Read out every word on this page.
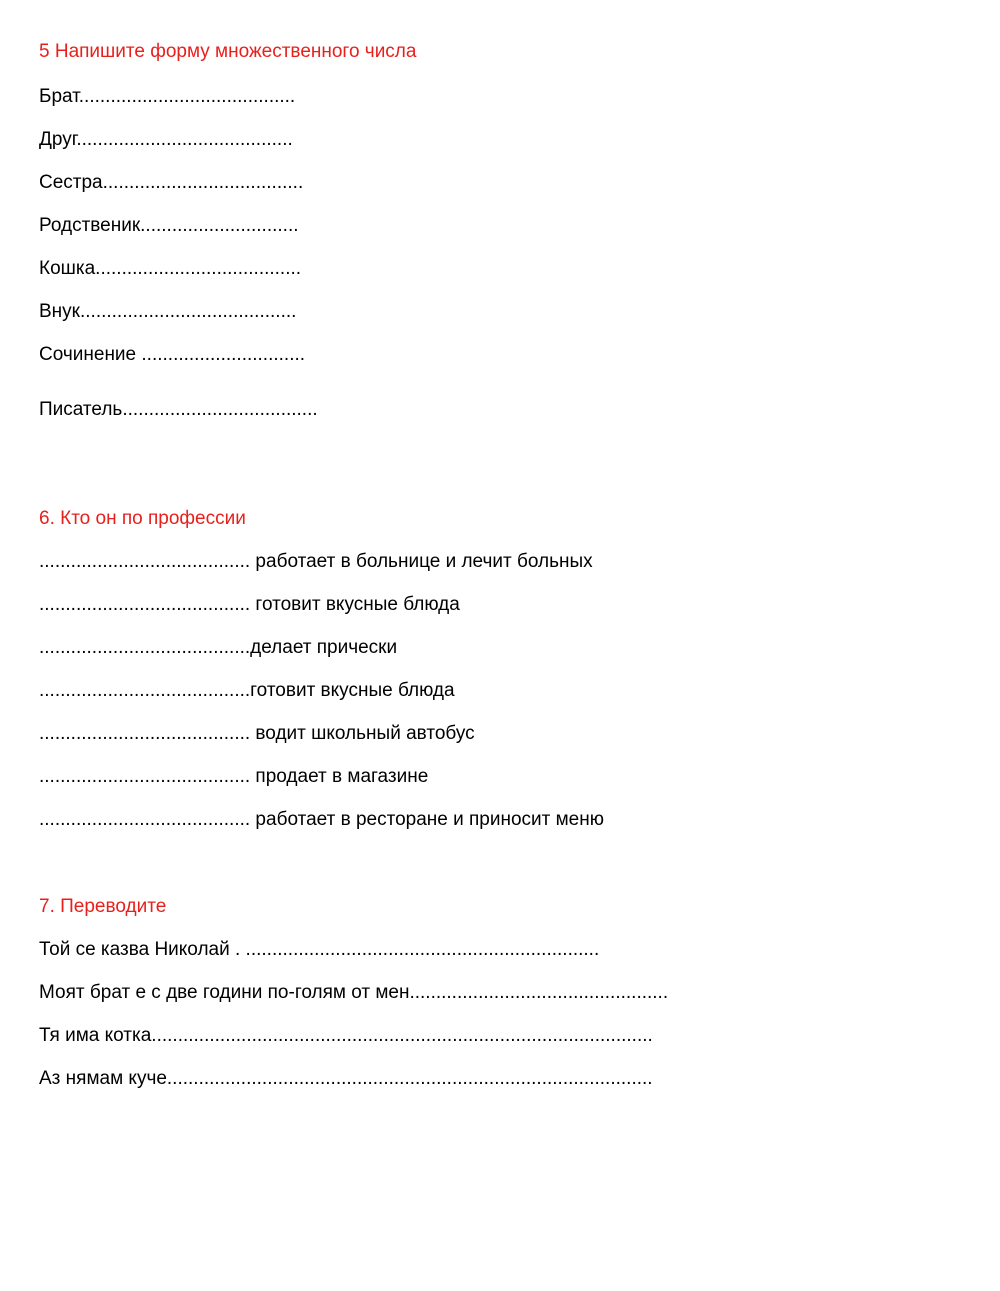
5 Напишите форму множественного числа
Брат.........................................
Друг.........................................
Сестра......................................
Родственик..............................
Кошка.......................................
Внук.........................................
Сочинение ...............................
Писатель.....................................
6. Кто он по профессии
........................................ работает в больнице и лечит больных
........................................ готовит вкусные блюда
........................................делает прически
........................................готовит вкусные блюда
........................................ водит школьный автобус
........................................ продает в магазине
........................................ работает в ресторане и приносит меню
7. Переводите
Той се казва Николай . ...................................................................
Моят брат е с две години по-голям от мен.................................................
Тя има котка...............................................................................................
Аз нямам куче............................................................................................
